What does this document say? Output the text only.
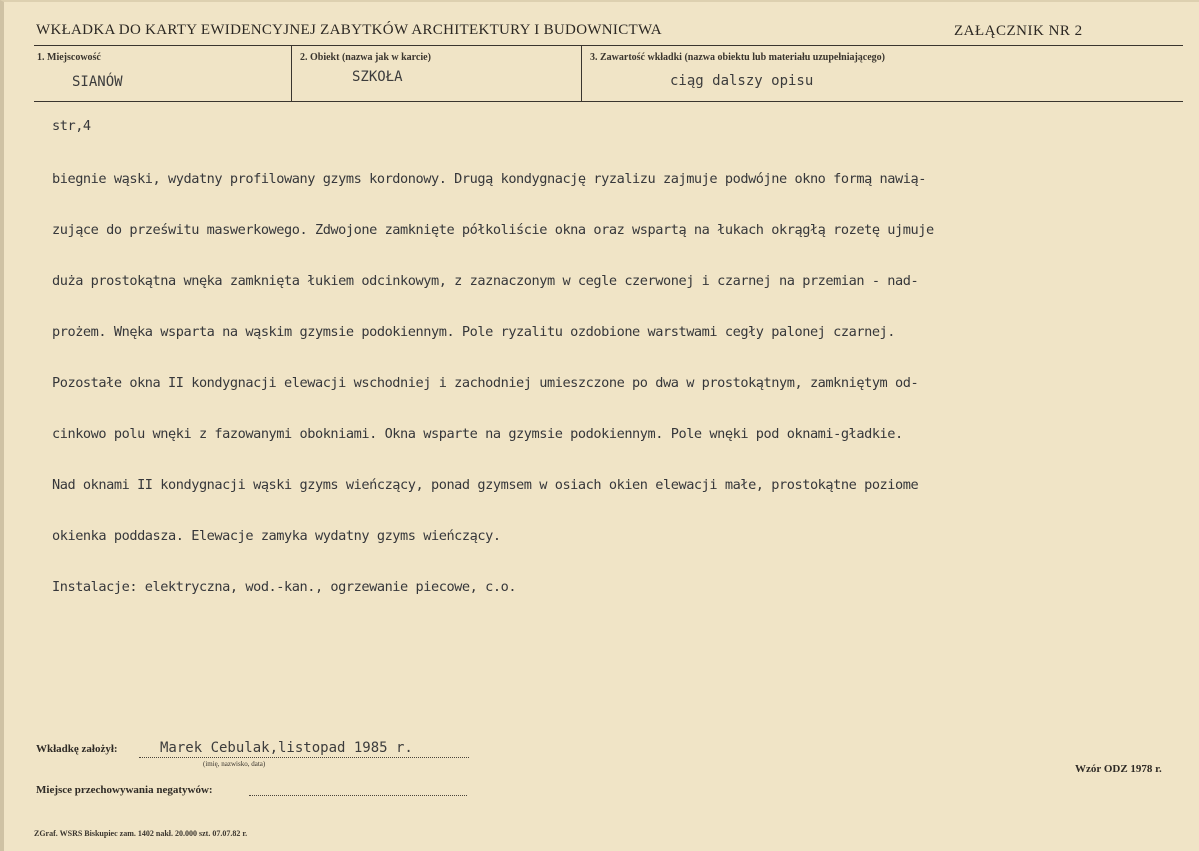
WKŁADKA DO KARTY EWIDENCYJNEJ ZABYTKÓW ARCHITEKTURY I BUDOWNICTWA	ZAŁĄCZNIK NR 2
1. Miejscowość
SIANÓW
2. Obiekt (nazwa jak w karcie)
SZKOŁA
3. Zawartość wkładki (nazwa obiektu lub materiału uzupełniającego)
ciąg dalszy opisu
str,4

biegnie wąski, wydatny profilowany gzyms kordonowy. Drugą kondygnację ryzalizu zajmuje podwójne okno formą nawią-

zujące do prześwitu maswerkowego. Zdwojone zamknięte półkoliście okna oraz wspartą na łukach okrągłą rozetę ujmuje

duża prostokątna wnęka zamknięta łukiem odcinkowym, z zaznaczonym w cegle czerwonej i czarnej na przemian - nad-

prożem. Wnęka wsparta na wąskim gzymsie podokiennym. Pole ryzalitu ozdobione warstwami cegły palonej czarnej.

Pozostałe okna II kondygnacji elewacji wschodniej i zachodniej umieszczone po dwa w prostokątnym, zamkniętym od-

cinkowo polu wnęki z fazowanymi obokniami. Okna wsparte na gzymsie podokiennym. Pole wnęki pod oknami-gładkie.

Nad oknami II kondygnacji wąski gzyms wieńczący, ponad gzymsem w osiach okien elewacji małe, prostokątne poziome

okienka poddasza. Elewacje zamyka wydatny gzyms wieńczący.

Instalacje: elektryczna, wod.-kan., ogrzewanie piecowe, c.o.

Wkładkę założył:	Marek Cebulak,listopad 1985 r.
(imię, nazwisko, data)
Miejsce przechowywania negatywów:
Wzór ODZ 1978 r.
ZGraf. WSRS Biskupiec zam. 1402 nakł. 20.000 szt. 07.07.82 r.
